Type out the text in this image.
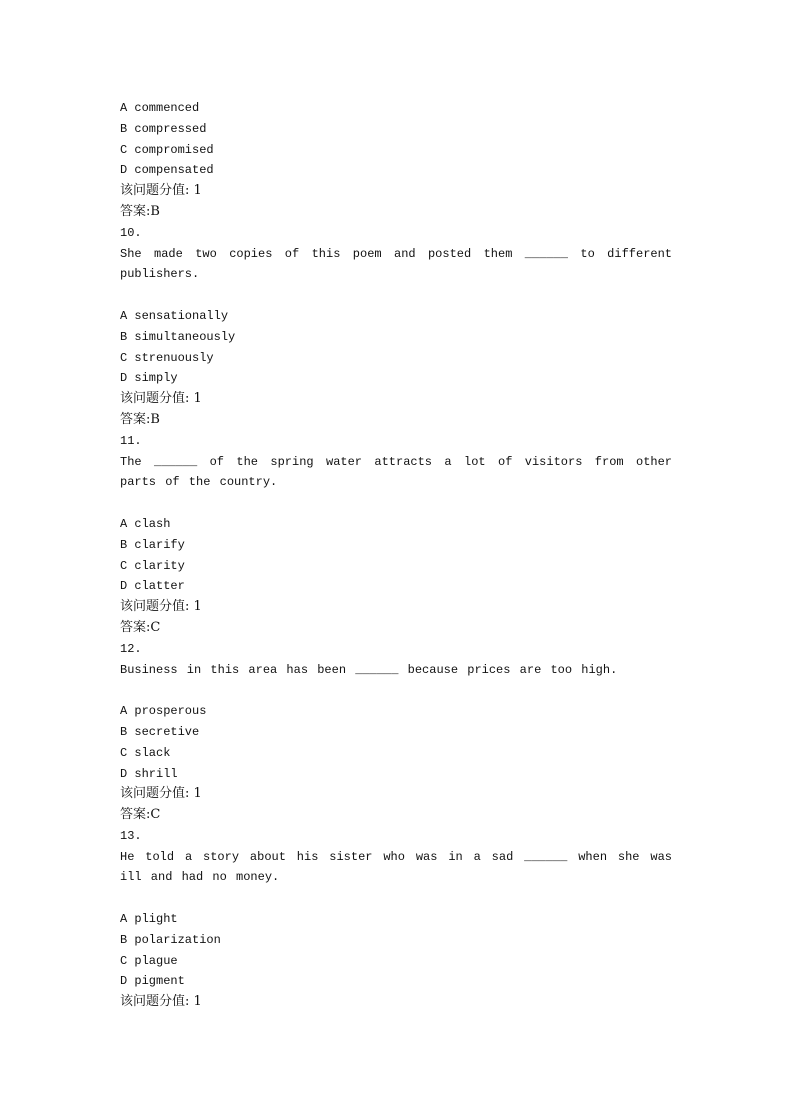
A commenced
B compressed
C compromised
D compensated
该问题分值: 1
答案:B
10.
She made two copies of this poem and posted them ______ to different publishers.
A sensationally
B simultaneously
C strenuously
D simply
该问题分值: 1
答案:B
11.
The ______ of the spring water attracts a lot of visitors from other parts of the country.
A clash
B clarify
C clarity
D clatter
该问题分值: 1
答案:C
12.
Business in this area has been ______ because prices are too high.
A prosperous
B secretive
C slack
D shrill
该问题分值: 1
答案:C
13.
He told a story about his sister who was in a sad ______ when she was ill and had no money.
A plight
B polarization
C plague
D pigment
该问题分值: 1
